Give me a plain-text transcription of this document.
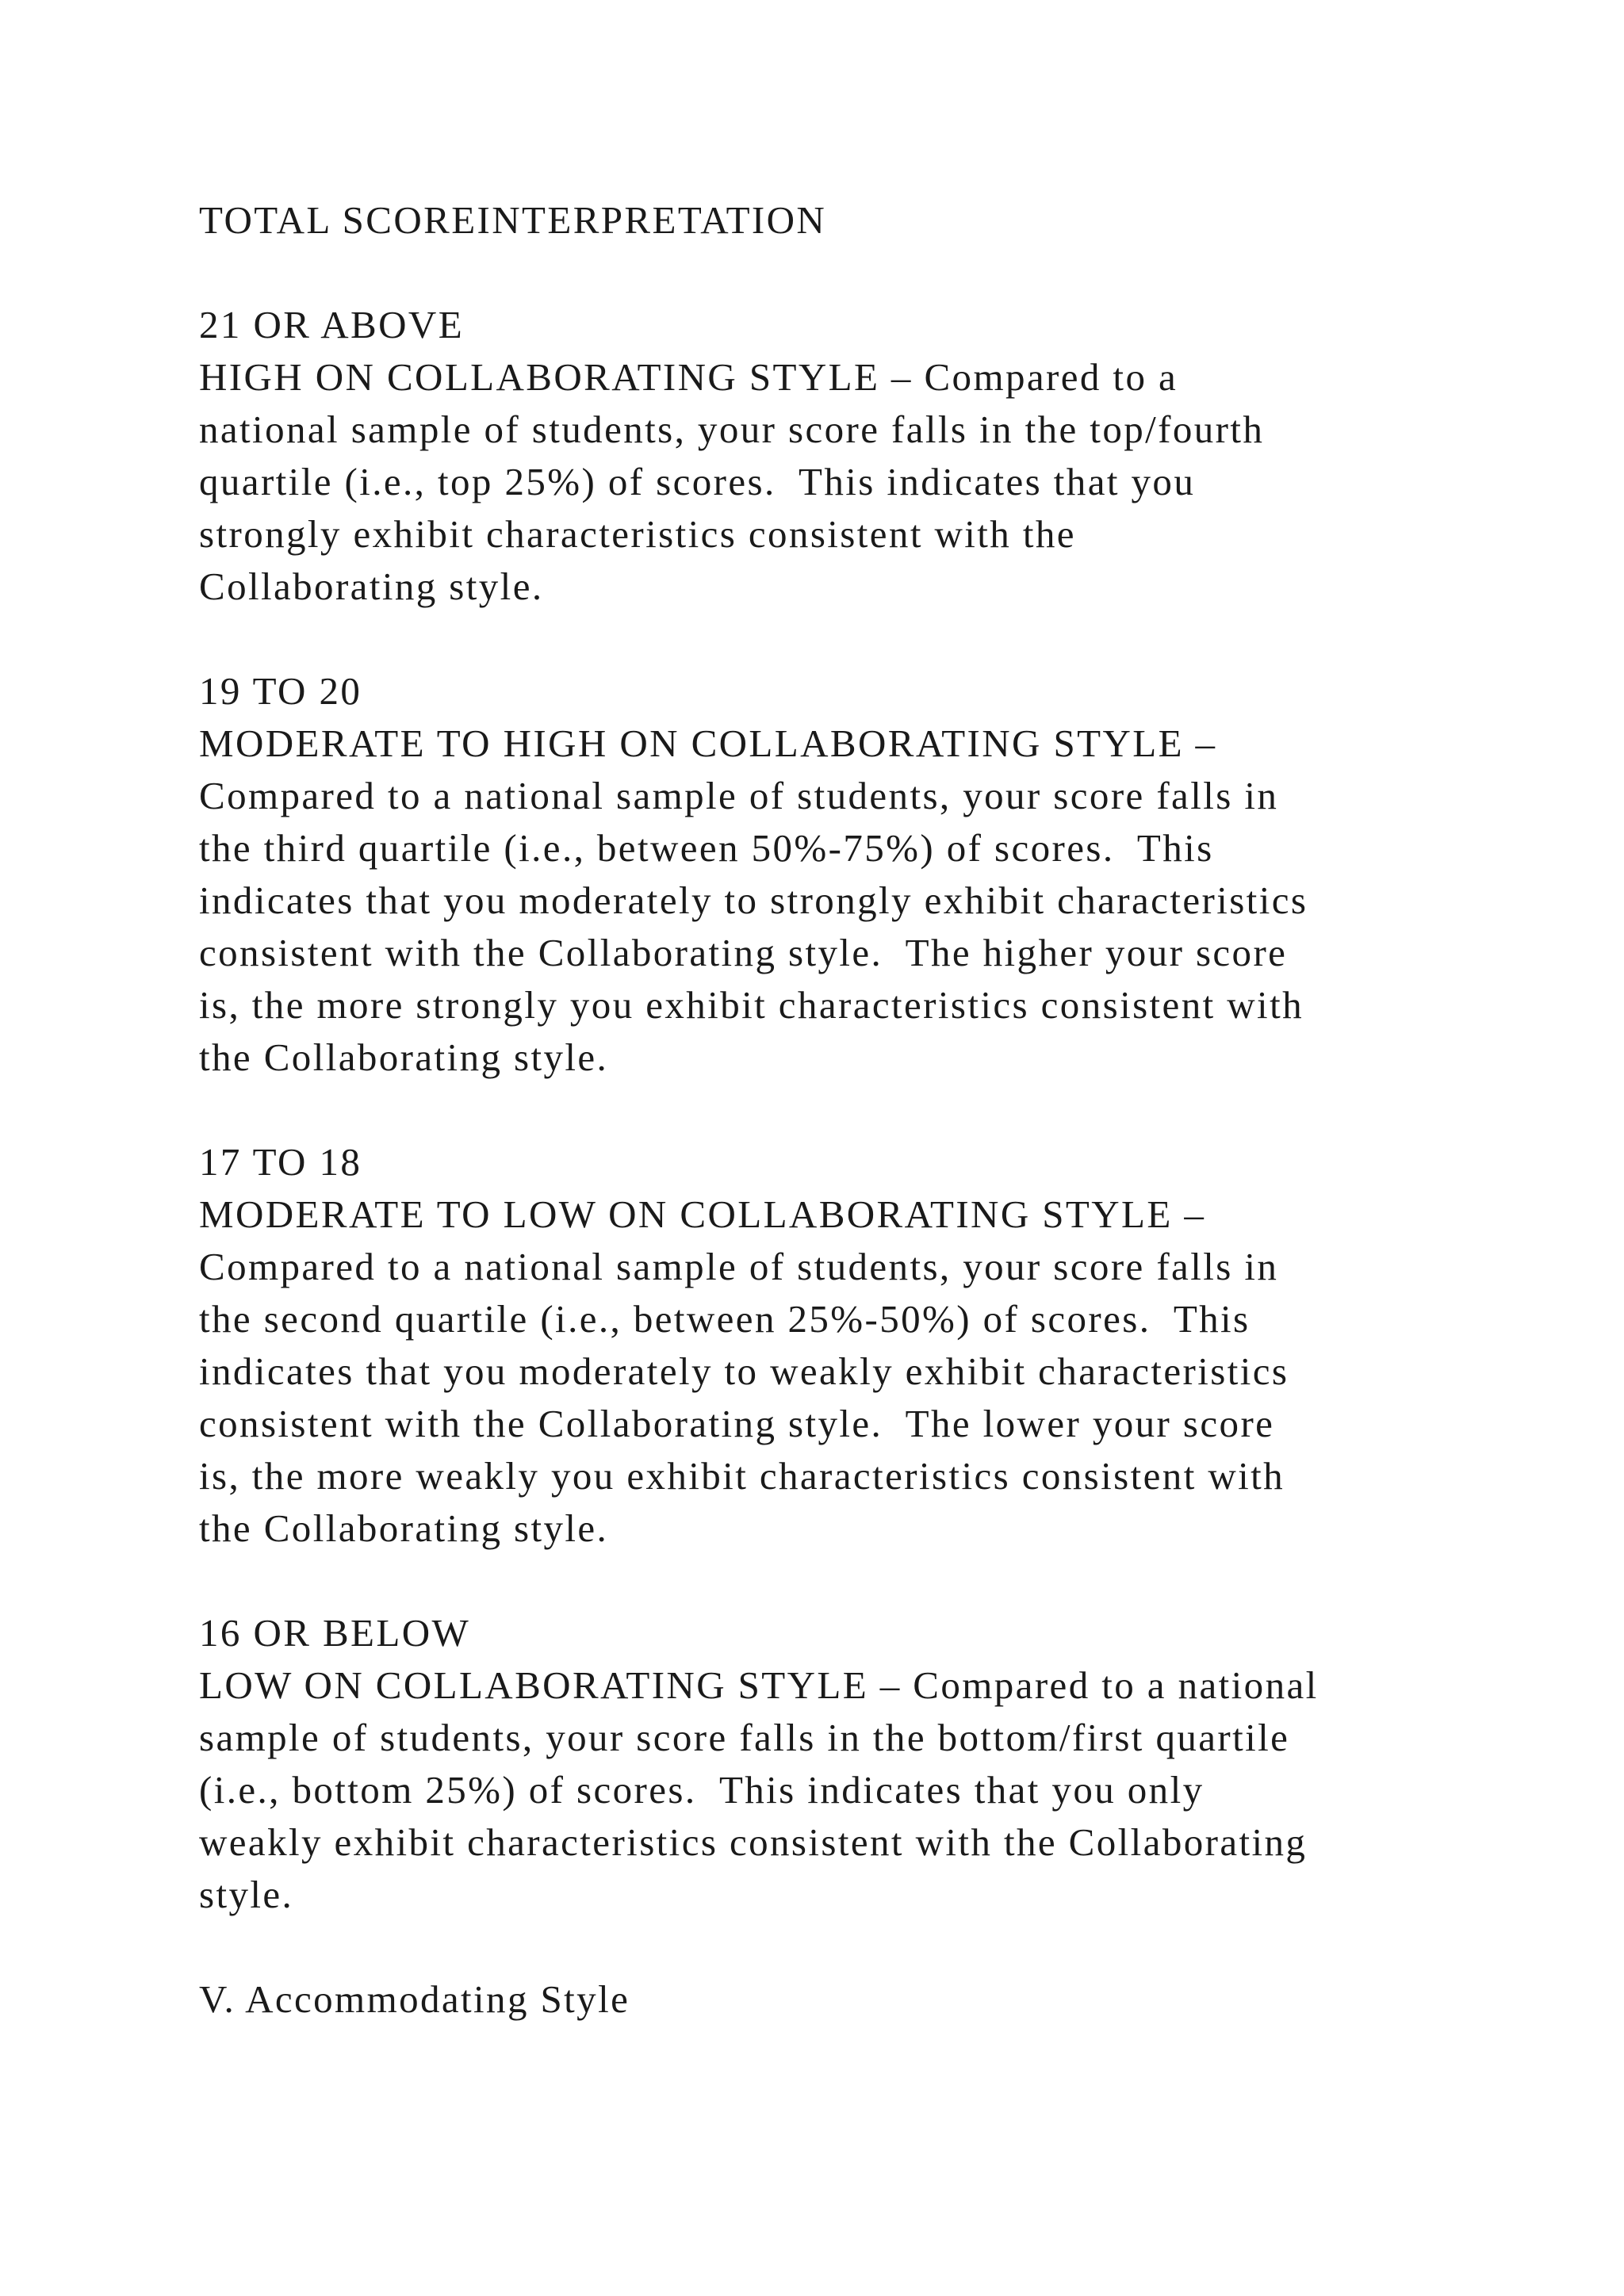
TOTAL SCOREINTERPRETATION
21 OR ABOVE
HIGH ON COLLABORATING STYLE – Compared to a
national sample of students, your score falls in the top/fourth
quartile (i.e., top 25%) of scores.  This indicates that you
strongly exhibit characteristics consistent with the
Collaborating style.
19 TO 20
MODERATE TO HIGH ON COLLABORATING STYLE –
Compared to a national sample of students, your score falls in
the third quartile (i.e., between 50%-75%) of scores.  This
indicates that you moderately to strongly exhibit characteristics
consistent with the Collaborating style.  The higher your score
is, the more strongly you exhibit characteristics consistent with
the Collaborating style.
17 TO 18
MODERATE TO LOW ON COLLABORATING STYLE –
Compared to a national sample of students, your score falls in
the second quartile (i.e., between 25%-50%) of scores.  This
indicates that you moderately to weakly exhibit characteristics
consistent with the Collaborating style.  The lower your score
is, the more weakly you exhibit characteristics consistent with
the Collaborating style.
16 OR BELOW
LOW ON COLLABORATING STYLE – Compared to a national
sample of students, your score falls in the bottom/first quartile
(i.e., bottom 25%) of scores.  This indicates that you only
weakly exhibit characteristics consistent with the Collaborating
style.
V. Accommodating Style
